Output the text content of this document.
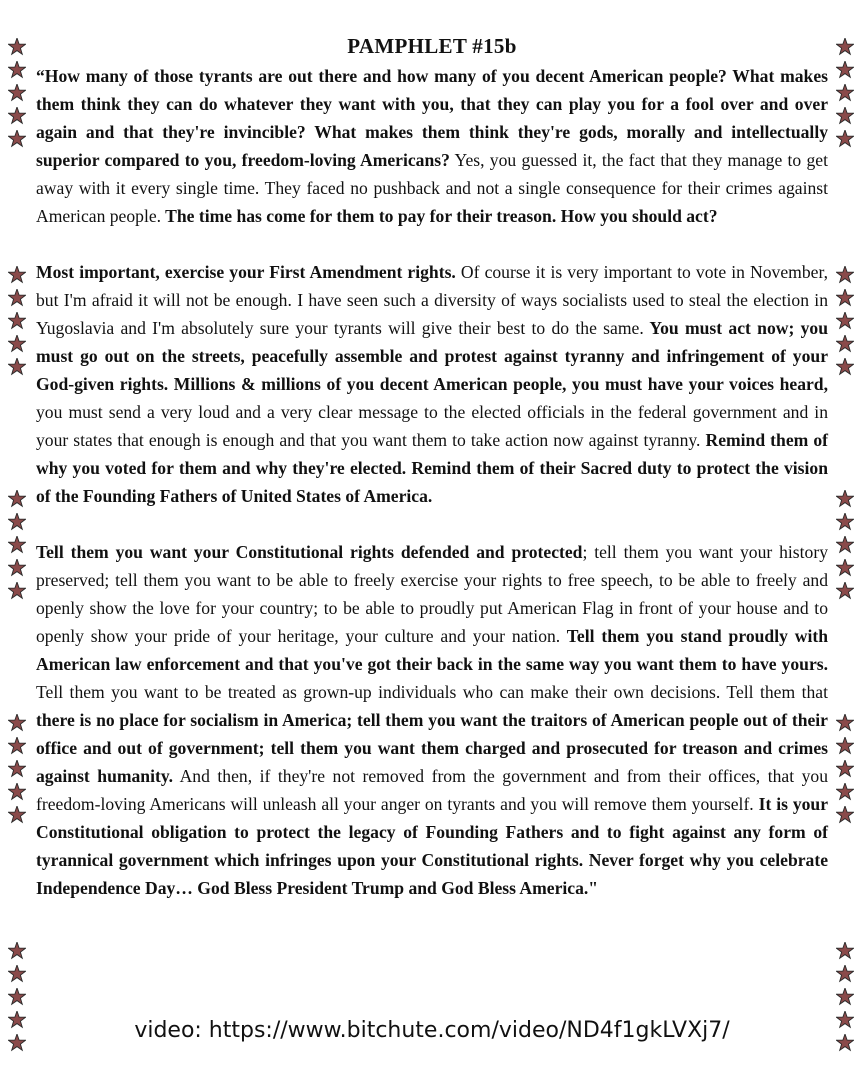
PAMPHLET #15b

“How many of those tyrants are out there and how many of you decent American people? What makes them think they can do whatever they want with you, that they can play you for a fool over and over again and that they're invincible? What makes them think they're gods, morally and intellectually superior compared to you, freedom-loving Americans? Yes, you guessed it, the fact that they manage to get away with it every single time. They faced no pushback and not a single consequence for their crimes against American people. The time has come for them to pay for their treason. How you should act?

Most important, exercise your First Amendment rights. Of course it is very important to vote in November, but I'm afraid it will not be enough. I have seen such a diversity of ways socialists used to steal the election in Yugoslavia and I'm absolutely sure your tyrants will give their best to do the same. You must act now; you must go out on the streets, peacefully assemble and protest against tyranny and infringement of your God-given rights. Millions & millions of you decent American people, you must have your voices heard, you must send a very loud and a very clear message to the elected officials in the federal government and in your states that enough is enough and that you want them to take action now against tyranny. Remind them of why you voted for them and why they're elected. Remind them of their Sacred duty to protect the vision of the Founding Fathers of United States of America.

Tell them you want your Constitutional rights defended and protected; tell them you want your history preserved; tell them you want to be able to freely exercise your rights to free speech, to be able to freely and openly show the love for your country; to be able to proudly put American Flag in front of your house and to openly show your pride of your heritage, your culture and your nation. Tell them you stand proudly with American law enforcement and that you've got their back in the same way you want them to have yours. Tell them you want to be treated as grown-up individuals who can make their own decisions. Tell them that there is no place for socialism in America; tell them you want the traitors of American people out of their office and out of government; tell them you want them charged and prosecuted for treason and crimes against humanity. And then, if they're not removed from the government and from their offices, that you freedom-loving Americans will unleash all your anger on tyrants and you will remove them yourself. It is your Constitutional obligation to protect the legacy of Founding Fathers and to fight against any form of tyrannical government which infringes upon your Constitutional rights. Never forget why you celebrate Independence Day… God Bless President Trump and God Bless America."

video: https://www.bitchute.com/video/ND4f1gkLVXj7/
